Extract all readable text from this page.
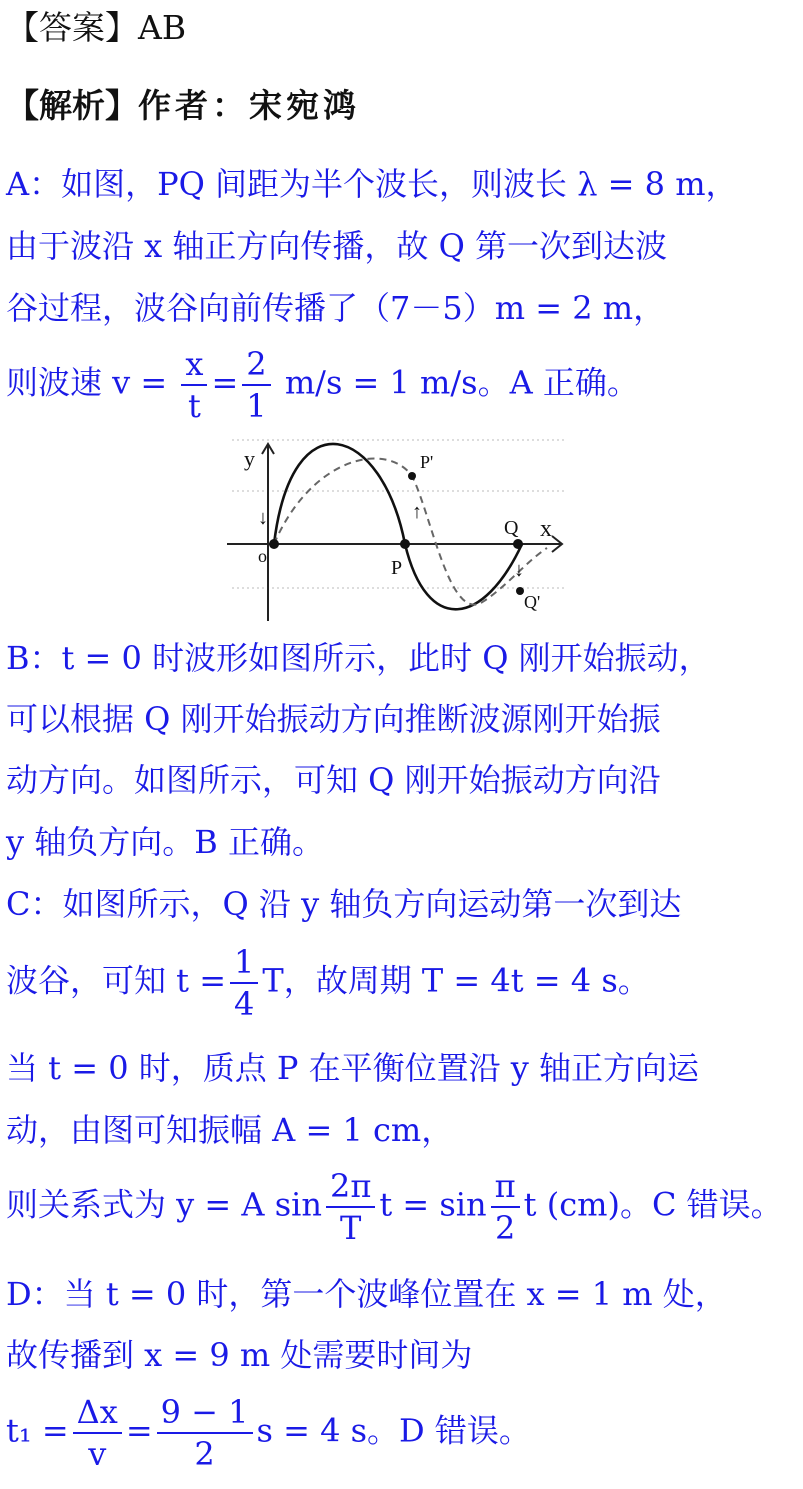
【答案】AB
【解析】作者：宋宛鸿
A：如图，PQ 间距为半个波长，则波长 λ = 8 m，
由于波沿 x 轴正方向传播，故 Q 第一次到达波
谷过程，波谷向前传播了（7－5）m = 2 m，
则波速 $v = \frac{x}{t} = \frac{2}{1} m/s = 1$ m/s。A 正确。
y
o
P
P'
↑
Q
↓
Q'
x
↓
B：t = 0 时波形如图所示，此时 Q 刚开始振动，
可以根据 Q 刚开始振动方向推断波源刚开始振
动方向。如图所示，可知 Q 刚开始振动方向沿
y 轴负方向。B 正确。
C：如图所示，Q 沿 y 轴负方向运动第一次到达
波谷，可知 $t = \frac{1}{4}$ T，故周期 T = 4t = 4 s。
当 t = 0 时，质点 P 在平衡位置沿 y 轴正方向运
动，由图可知振幅 A = 1 cm，
则关系式为 y = A $\sin \frac{2\pi}{T}$ $t = \sin \frac{\pi}{2}$ t (cm)。C 错误。
D：当 t = 0 时，第一个波峰位置在 x = 1 m 处，
故传播到 x = 9 m 处需要时间为
$t_1 = \frac{\Delta x}{v} = \frac{9 - 1}{2}$ s = 4 s。D 错误。
